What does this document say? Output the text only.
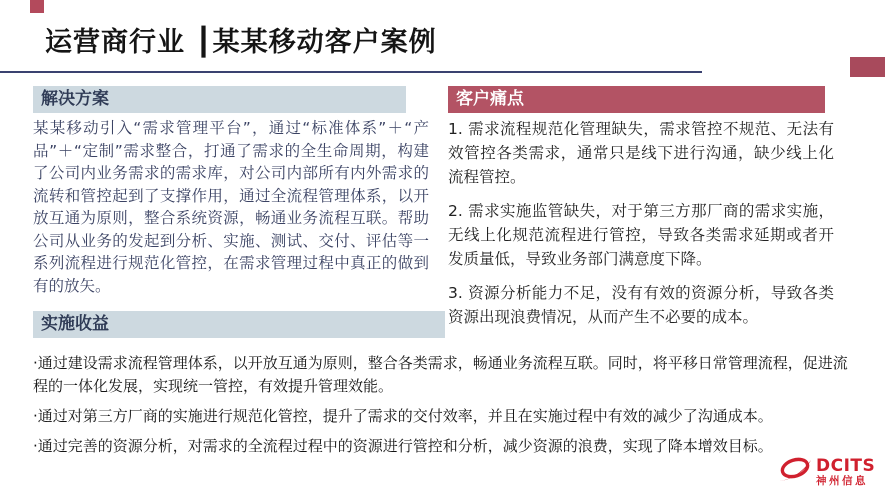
运营商行业 ┃某某移动客户案例
解决方案	客户痛点
某某移动引入“需求管理平台”，通过“标准体系”＋“产品”＋“定制”需求整合，打通了需求的全生命周期，构建了公司内业务需求的需求库，对公司内部所有内外需求的流转和管控起到了支撑作用，通过全流程管理体系，以开放互通为原则，整合系统资源，畅通业务流程互联。帮助公司从业务的发起到分析、实施、测试、交付、评估等一系列流程进行规范化管控，在需求管理过程中真正的做到有的放矢。

1. 需求流程规范化管理缺失，需求管控不规范、无法有效管控各类需求，通常只是线下进行沟通，缺少线上化流程管控。

2. 需求实施监管缺失，对于第三方那厂商的需求实施，无线上化规范流程进行管控，导致各类需求延期或者开发质量低，导致业务部门满意度下降。

3. 资源分析能力不足，没有有效的资源分析，导致各类资源出现浪费情况，从而产生不必要的成本。

实施收益

·通过建设需求流程管理体系，以开放互通为原则，整合各类需求，畅通业务流程互联。同时，将平移日常管理流程，促进流程的一体化发展，实现统一管控，有效提升管理效能。

·通过对第三方厂商的实施进行规范化管控，提升了需求的交付效率，并且在实施过程中有效的减少了沟通成本。

·通过完善的资源分析，对需求的全流程过程中的资源进行管控和分析，减少资源的浪费，实现了降本增效目标。

DCITS
神州信息
